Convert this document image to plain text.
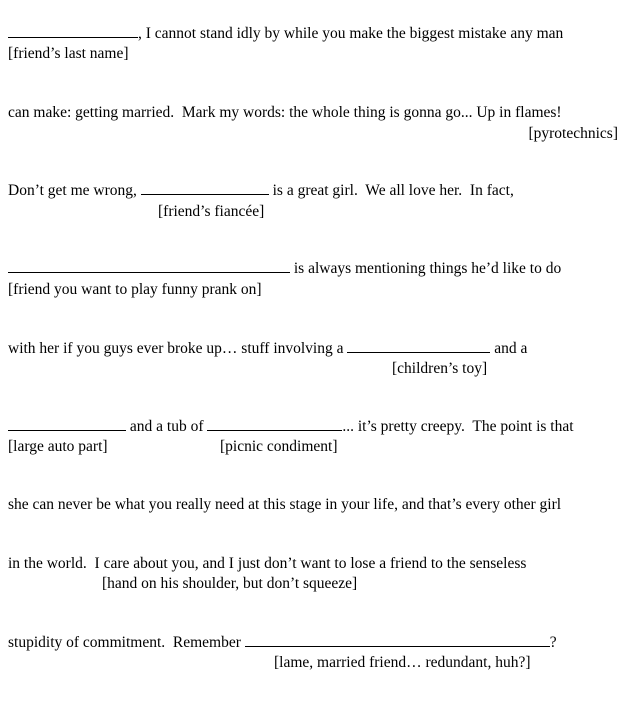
, I cannot stand idly by while you make the biggest mistake any man
[friend’s last name]
can make: getting married.  Mark my words: the whole thing is gonna go... Up in flames!
[pyrotechnics]
Don’t get me wrong,	is a great girl.  We all love her.  In fact,
[friend’s fiancée]
is always mentioning things he’d like to do
[friend you want to play funny prank on]
with her if you guys ever broke up… stuff involving a	and a
[children’s toy]
and a tub of	... it’s pretty creepy.  The point is that
[large auto part]	[picnic condiment]
she can never be what you really need at this stage in your life, and that’s every other girl
in the world.  I care about you, and I just don’t want to lose a friend to the senseless
[hand on his shoulder, but don’t squeeze]
stupidity of commitment.  Remember	?
[lame, married friend… redundant, huh?]
